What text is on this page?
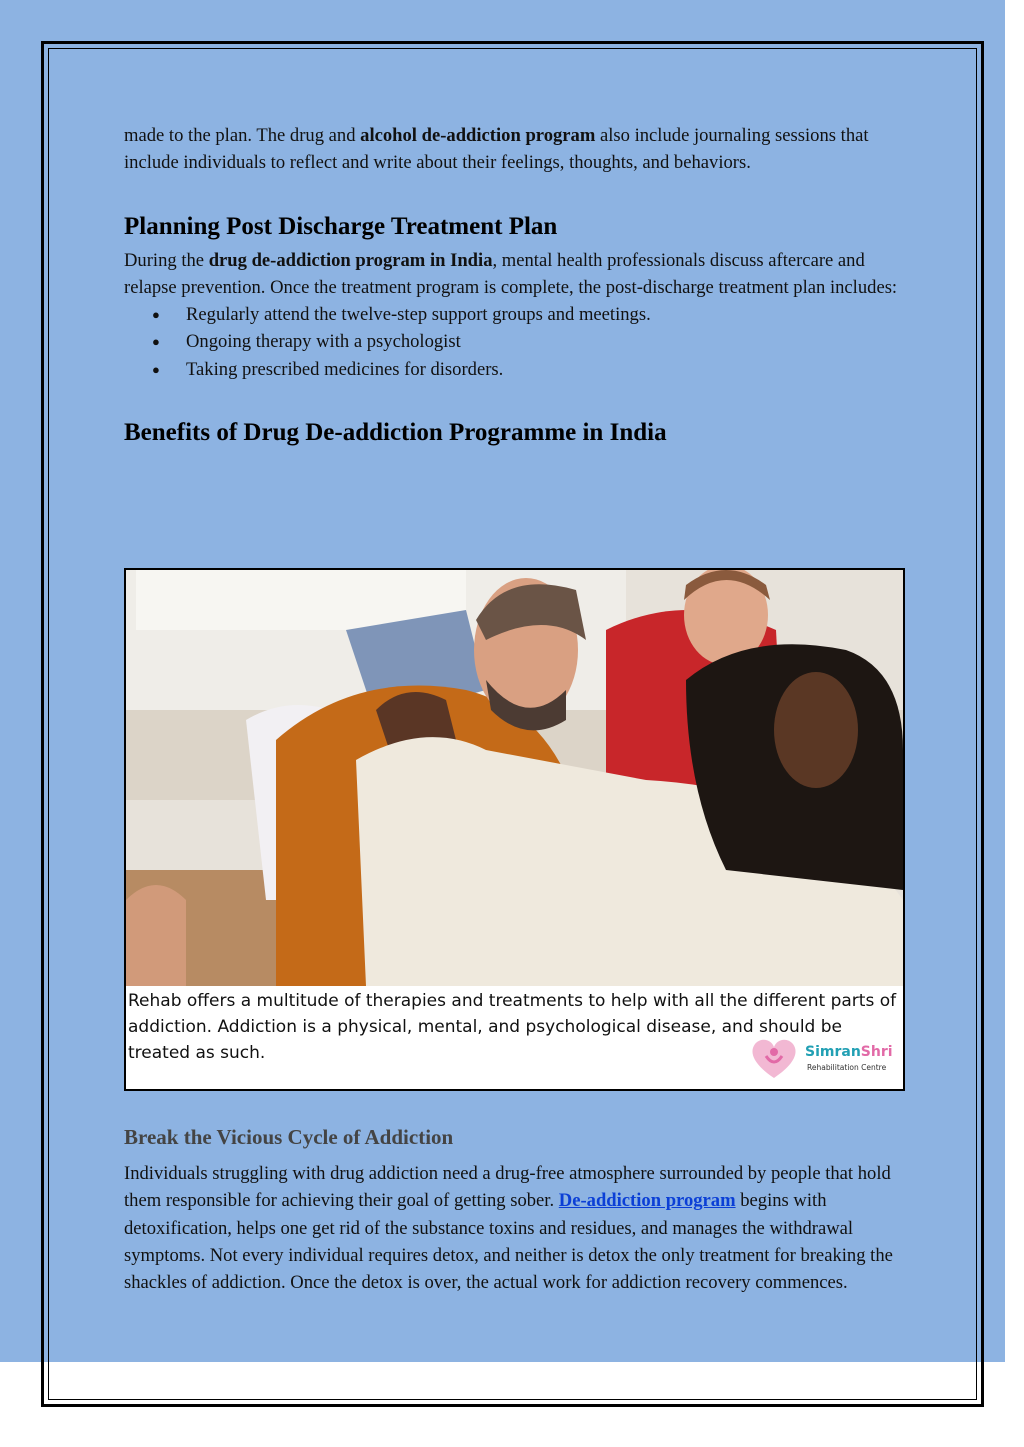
made to the plan. The drug and alcohol de-addiction program also include journaling sessions that include individuals to reflect and write about their feelings, thoughts, and behaviors.

Planning Post Discharge Treatment Plan

During the drug de-addiction program in India, mental health professionals discuss aftercare and relapse prevention. Once the treatment program is complete, the post-discharge treatment plan includes:

● Regularly attend the twelve-step support groups and meetings.
● Ongoing therapy with a psychologist
● Taking prescribed medicines for disorders.
Benefits of Drug De-addiction Programme in India
Rehab offers a multitude of therapies and treatments to help with all the different parts of addiction. Addiction is a physical, mental, and psychological disease, and should be treated as such.	SimranShri
Rehabilitation Centre
Break the Vicious Cycle of Addiction

Individuals struggling with drug addiction need a drug-free atmosphere surrounded by people that hold them responsible for achieving their goal of getting sober. De-addiction program begins with detoxification, helps one get rid of the substance toxins and residues, and manages the withdrawal symptoms. Not every individual requires detox, and neither is detox the only treatment for breaking the shackles of addiction. Once the detox is over, the actual work for addiction recovery commences.
